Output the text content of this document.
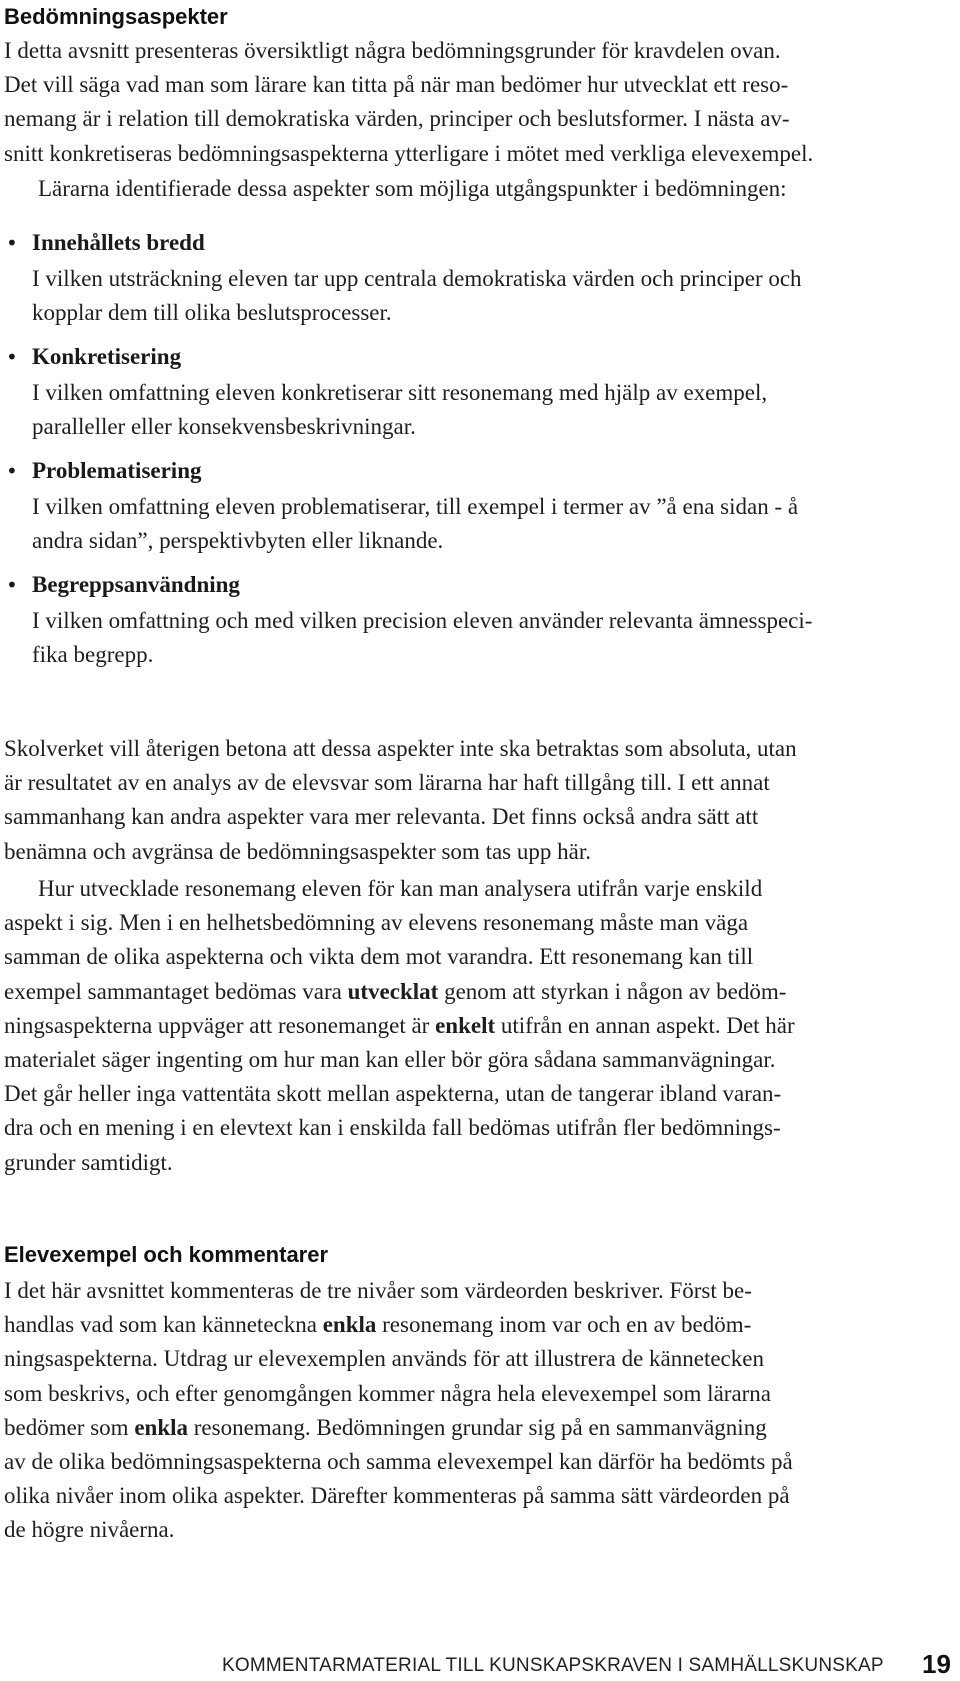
Bedömningsaspekter

I detta avsnitt presenteras översiktligt några bedömningsgrunder för kravdelen ovan.
Det vill säga vad man som lärare kan titta på när man bedömer hur utvecklat ett reso-
nemang är i relation till demokratiska värden, principer och beslutsformer. I nästa av-
snitt konkretiseras bedömningsaspekterna ytterligare i mötet med verkliga elevexempel.

Lärarna identifierade dessa aspekter som möjliga utgångspunkter i bedömningen:

• Innehållets bredd

I vilken utsträckning eleven tar upp centrala demokratiska värden och principer och
kopplar dem till olika beslutsprocesser.

• Konkretisering

I vilken omfattning eleven konkretiserar sitt resonemang med hjälp av exempel,
paralleller eller konsekvensbeskrivningar.

• Problematisering

I vilken omfattning eleven problematiserar, till exempel i termer av ”å ena sidan - å
andra sidan”, perspektivbyten eller liknande.

• Begreppsanvändning

I vilken omfattning och med vilken precision eleven använder relevanta ämnesspeci-
fika begrepp.

Skolverket vill återigen betona att dessa aspekter inte ska betraktas som absoluta, utan
är resultatet av en analys av de elevsvar som lärarna har haft tillgång till. I ett annat
sammanhang kan andra aspekter vara mer relevanta. Det finns också andra sätt att
benämna och avgränsa de bedömningsaspekter som tas upp här.

Hur utvecklade resonemang eleven för kan man analysera utifrån varje enskild
aspekt i sig. Men i en helhetsbedömning av elevens resonemang måste man väga
samman de olika aspekterna och vikta dem mot varandra. Ett resonemang kan till
exempel sammantaget bedömas vara utvecklat genom att styrkan i någon av bedöm-
ningsaspekterna uppväger att resonemanget är enkelt utifrån en annan aspekt. Det här
materialet säger ingenting om hur man kan eller bör göra sådana sammanvägningar.
Det går heller inga vattentäta skott mellan aspekterna, utan de tangerar ibland varan-
dra och en mening i en elevtext kan i enskilda fall bedömas utifrån fler bedömnings-
grunder samtidigt.

Elevexempel och kommentarer

I det här avsnittet kommenteras de tre nivåer som värdeorden beskriver. Först be-
handlas vad som kan känneteckna enkla resonemang inom var och en av bedöm-
ningsaspekterna. Utdrag ur elevexemplen används för att illustrera de kännetecken
som beskrivs, och efter genomgången kommer några hela elevexempel som lärarna
bedömer som enkla resonemang. Bedömningen grundar sig på en sammanvägning
av de olika bedömningsaspekterna och samma elevexempel kan därför ha bedömts på
olika nivåer inom olika aspekter. Därefter kommenteras på samma sätt värdeorden på
de högre nivåerna.

KOMMENTARMATERIAL TILL KUNSKAPSKRAVEN I SAMHÄLLSKUNSKAP 19
